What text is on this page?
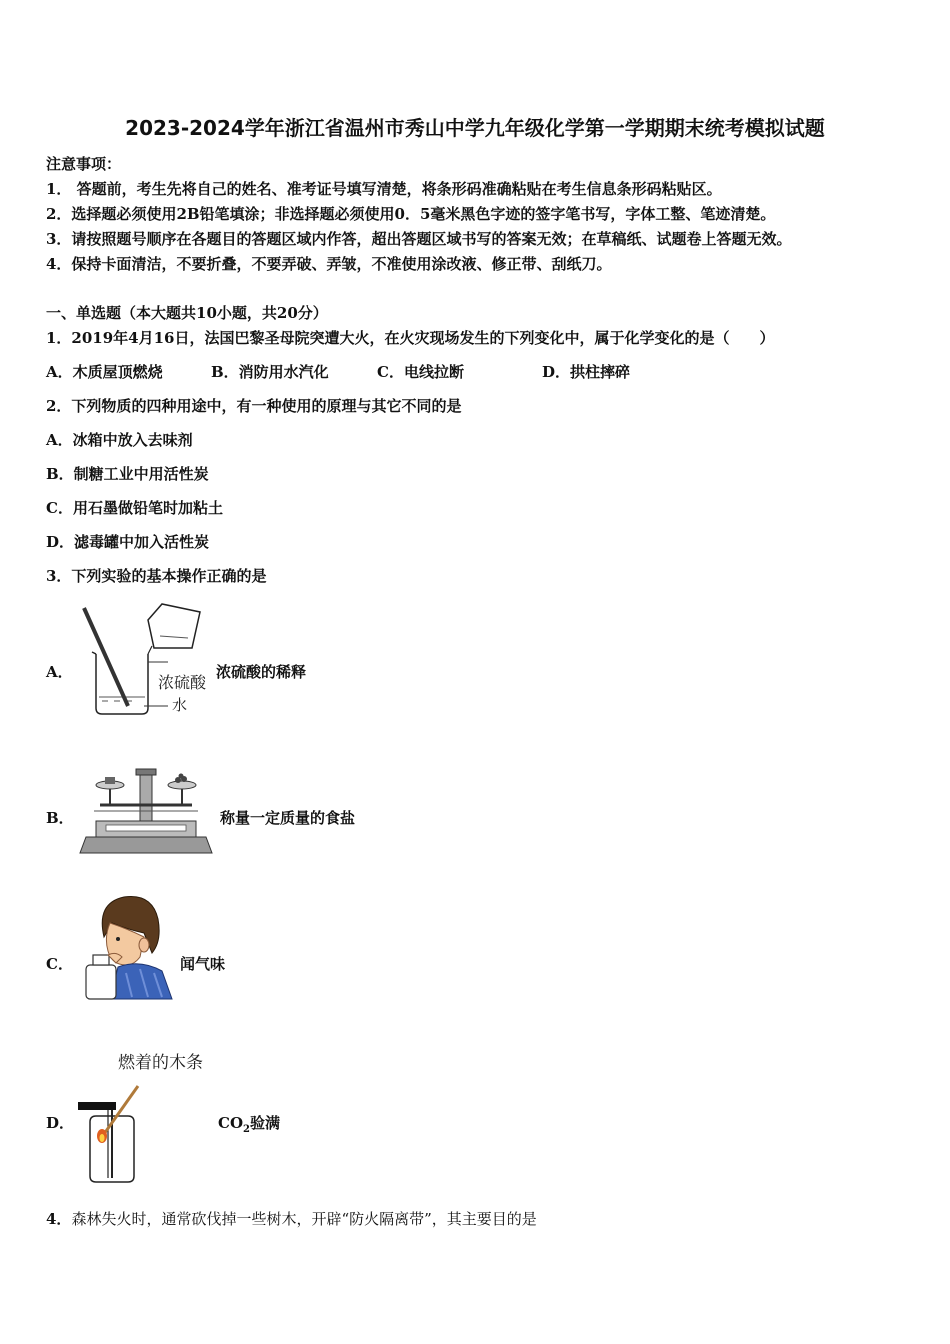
2023-2024学年浙江省温州市秀山中学九年级化学第一学期期末统考模拟试题
注意事项：
1． 答题前，考生先将自己的姓名、准考证号填写清楚，将条形码准确粘贴在考生信息条形码粘贴区。
2．选择题必须使用2B铅笔填涂；非选择题必须使用0．5毫米黑色字迹的签字笔书写，字体工整、笔迹清楚。
3．请按照题号顺序在各题目的答题区域内作答，超出答题区域书写的答案无效；在草稿纸、试题卷上答题无效。
4．保持卡面清洁，不要折叠，不要弄破、弄皱，不准使用涂改液、修正带、刮纸刀。
一、单选题（本大题共10小题，共20分）
1．2019年4月16日，法国巴黎圣母院突遭大火，在火灾现场发生的下列变化中，属于化学变化的是（　　）
A．木质屋顶燃烧	B．消防用水汽化	C．电线拉断	D．拱柱摔碎
2．下列物质的四种用途中，有一种使用的原理与其它不同的是
A．冰箱中放入去味剂
B．制糖工业中用活性炭
C．用石墨做铅笔时加粘土
D．滤毒罐中加入活性炭
3．下列实验的基本操作正确的是
A．
浓硫酸
水
浓硫酸的稀释
B．	称量一定质量的食盐
C．	闻气味
D．
燃着的木条
$CO_2$验满
4．森林失火时，通常砍伐掉一些树木，开辟“防火隔离带”，其主要目的是
